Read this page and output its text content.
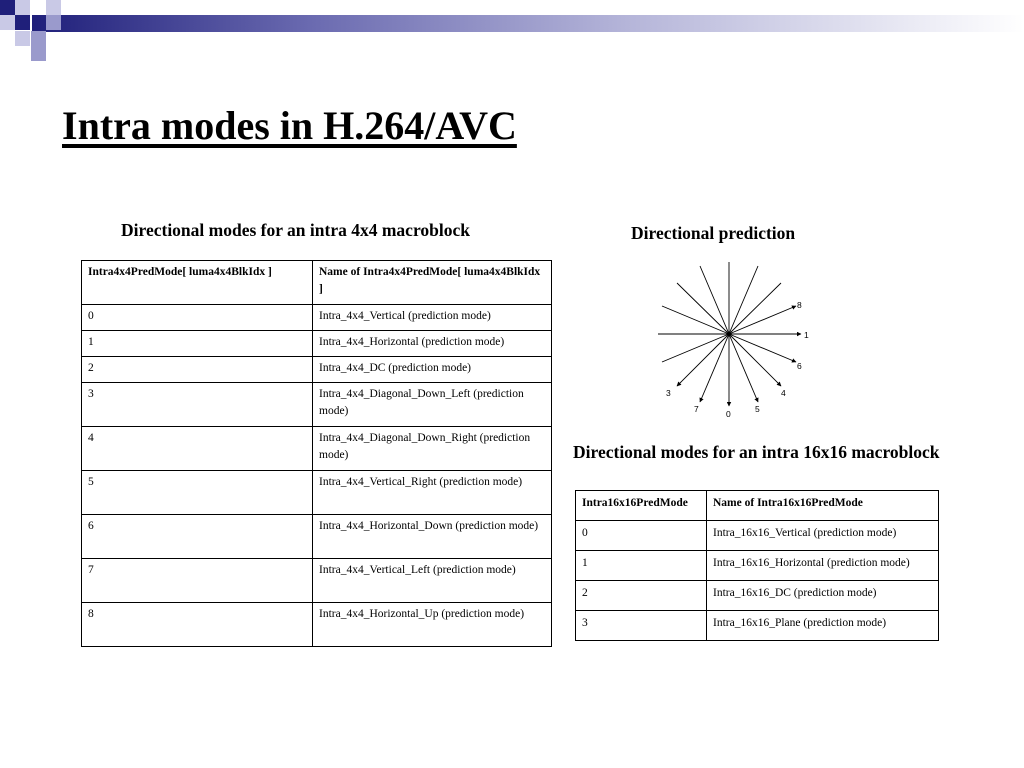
Intra modes in H.264/AVC

Directional modes for an intra 4x4 macroblock

Intra4x4PredMode[ luma4x4BlkIdx ]	Name of Intra4x4PredMode[ luma4x4BlkIdx ]
0	Intra_4x4_Vertical (prediction mode)
1	Intra_4x4_Horizontal (prediction mode)
2	Intra_4x4_DC (prediction mode)
3	Intra_4x4_Diagonal_Down_Left (prediction mode)
4	Intra_4x4_Diagonal_Down_Right (prediction mode)
5	Intra_4x4_Vertical_Right (prediction mode)
6	Intra_4x4_Horizontal_Down (prediction mode)
7	Intra_4x4_Vertical_Left (prediction mode)
8	Intra_4x4_Horizontal_Up (prediction mode)

Directional prediction

8
1
6
4
5
0
7
3

Directional modes for an intra 16x16 macroblock

Intra16x16PredMode	Name of Intra16x16PredMode
0	Intra_16x16_Vertical (prediction mode)
1	Intra_16x16_Horizontal (prediction mode)
2	Intra_16x16_DC (prediction mode)
3	Intra_16x16_Plane (prediction mode)
